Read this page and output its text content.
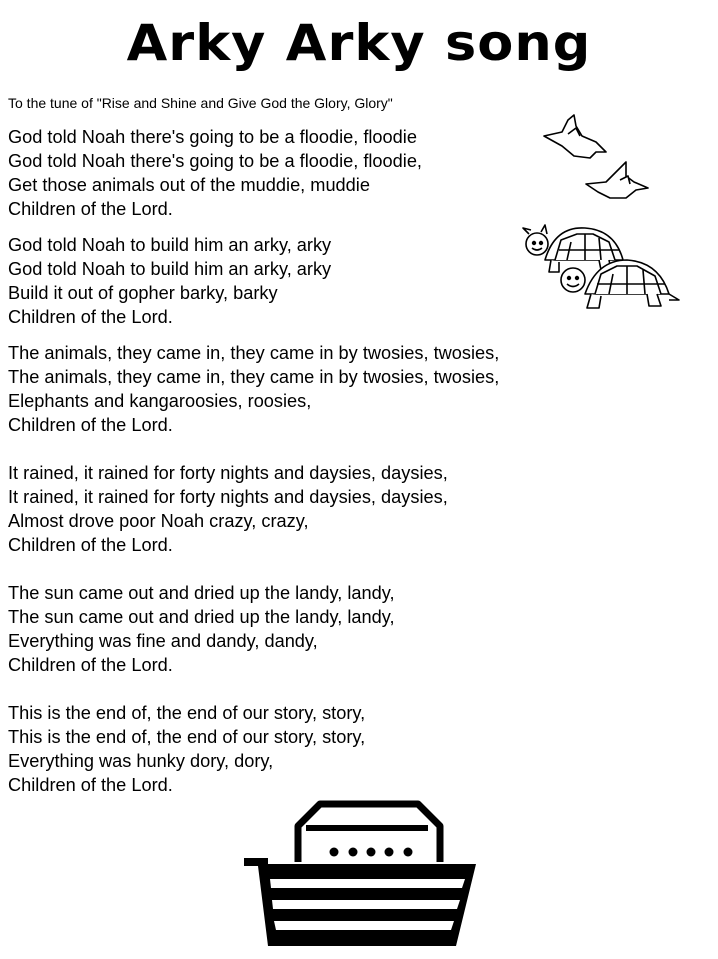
Arky Arky song
To the tune of "Rise and Shine and Give God the Glory, Glory"
God told Noah there's going to be a floodie, floodie
God told Noah there's going to be a floodie, floodie,
Get those animals out of the muddie, muddie
Children of the Lord.
God told Noah to build him an arky, arky
God told Noah to build him an arky, arky
Build it out of gopher barky, barky
Children of the Lord.
The animals, they came in, they came in by twosies, twosies,
The animals, they came in, they came in by twosies, twosies,
Elephants and kangaroosies, roosies,
Children of the Lord.
It rained, it rained for forty nights and daysies, daysies,
It rained, it rained for forty nights and daysies, daysies,
Almost drove poor Noah crazy, crazy,
Children of the Lord.
The sun came out and dried up the landy, landy,
The sun came out and dried up the landy, landy,
Everything was fine and dandy, dandy,
Children of the Lord.
This is the end of, the end of our story, story,
This is the end of, the end of our story, story,
Everything was hunky dory, dory,
Children of the Lord.
